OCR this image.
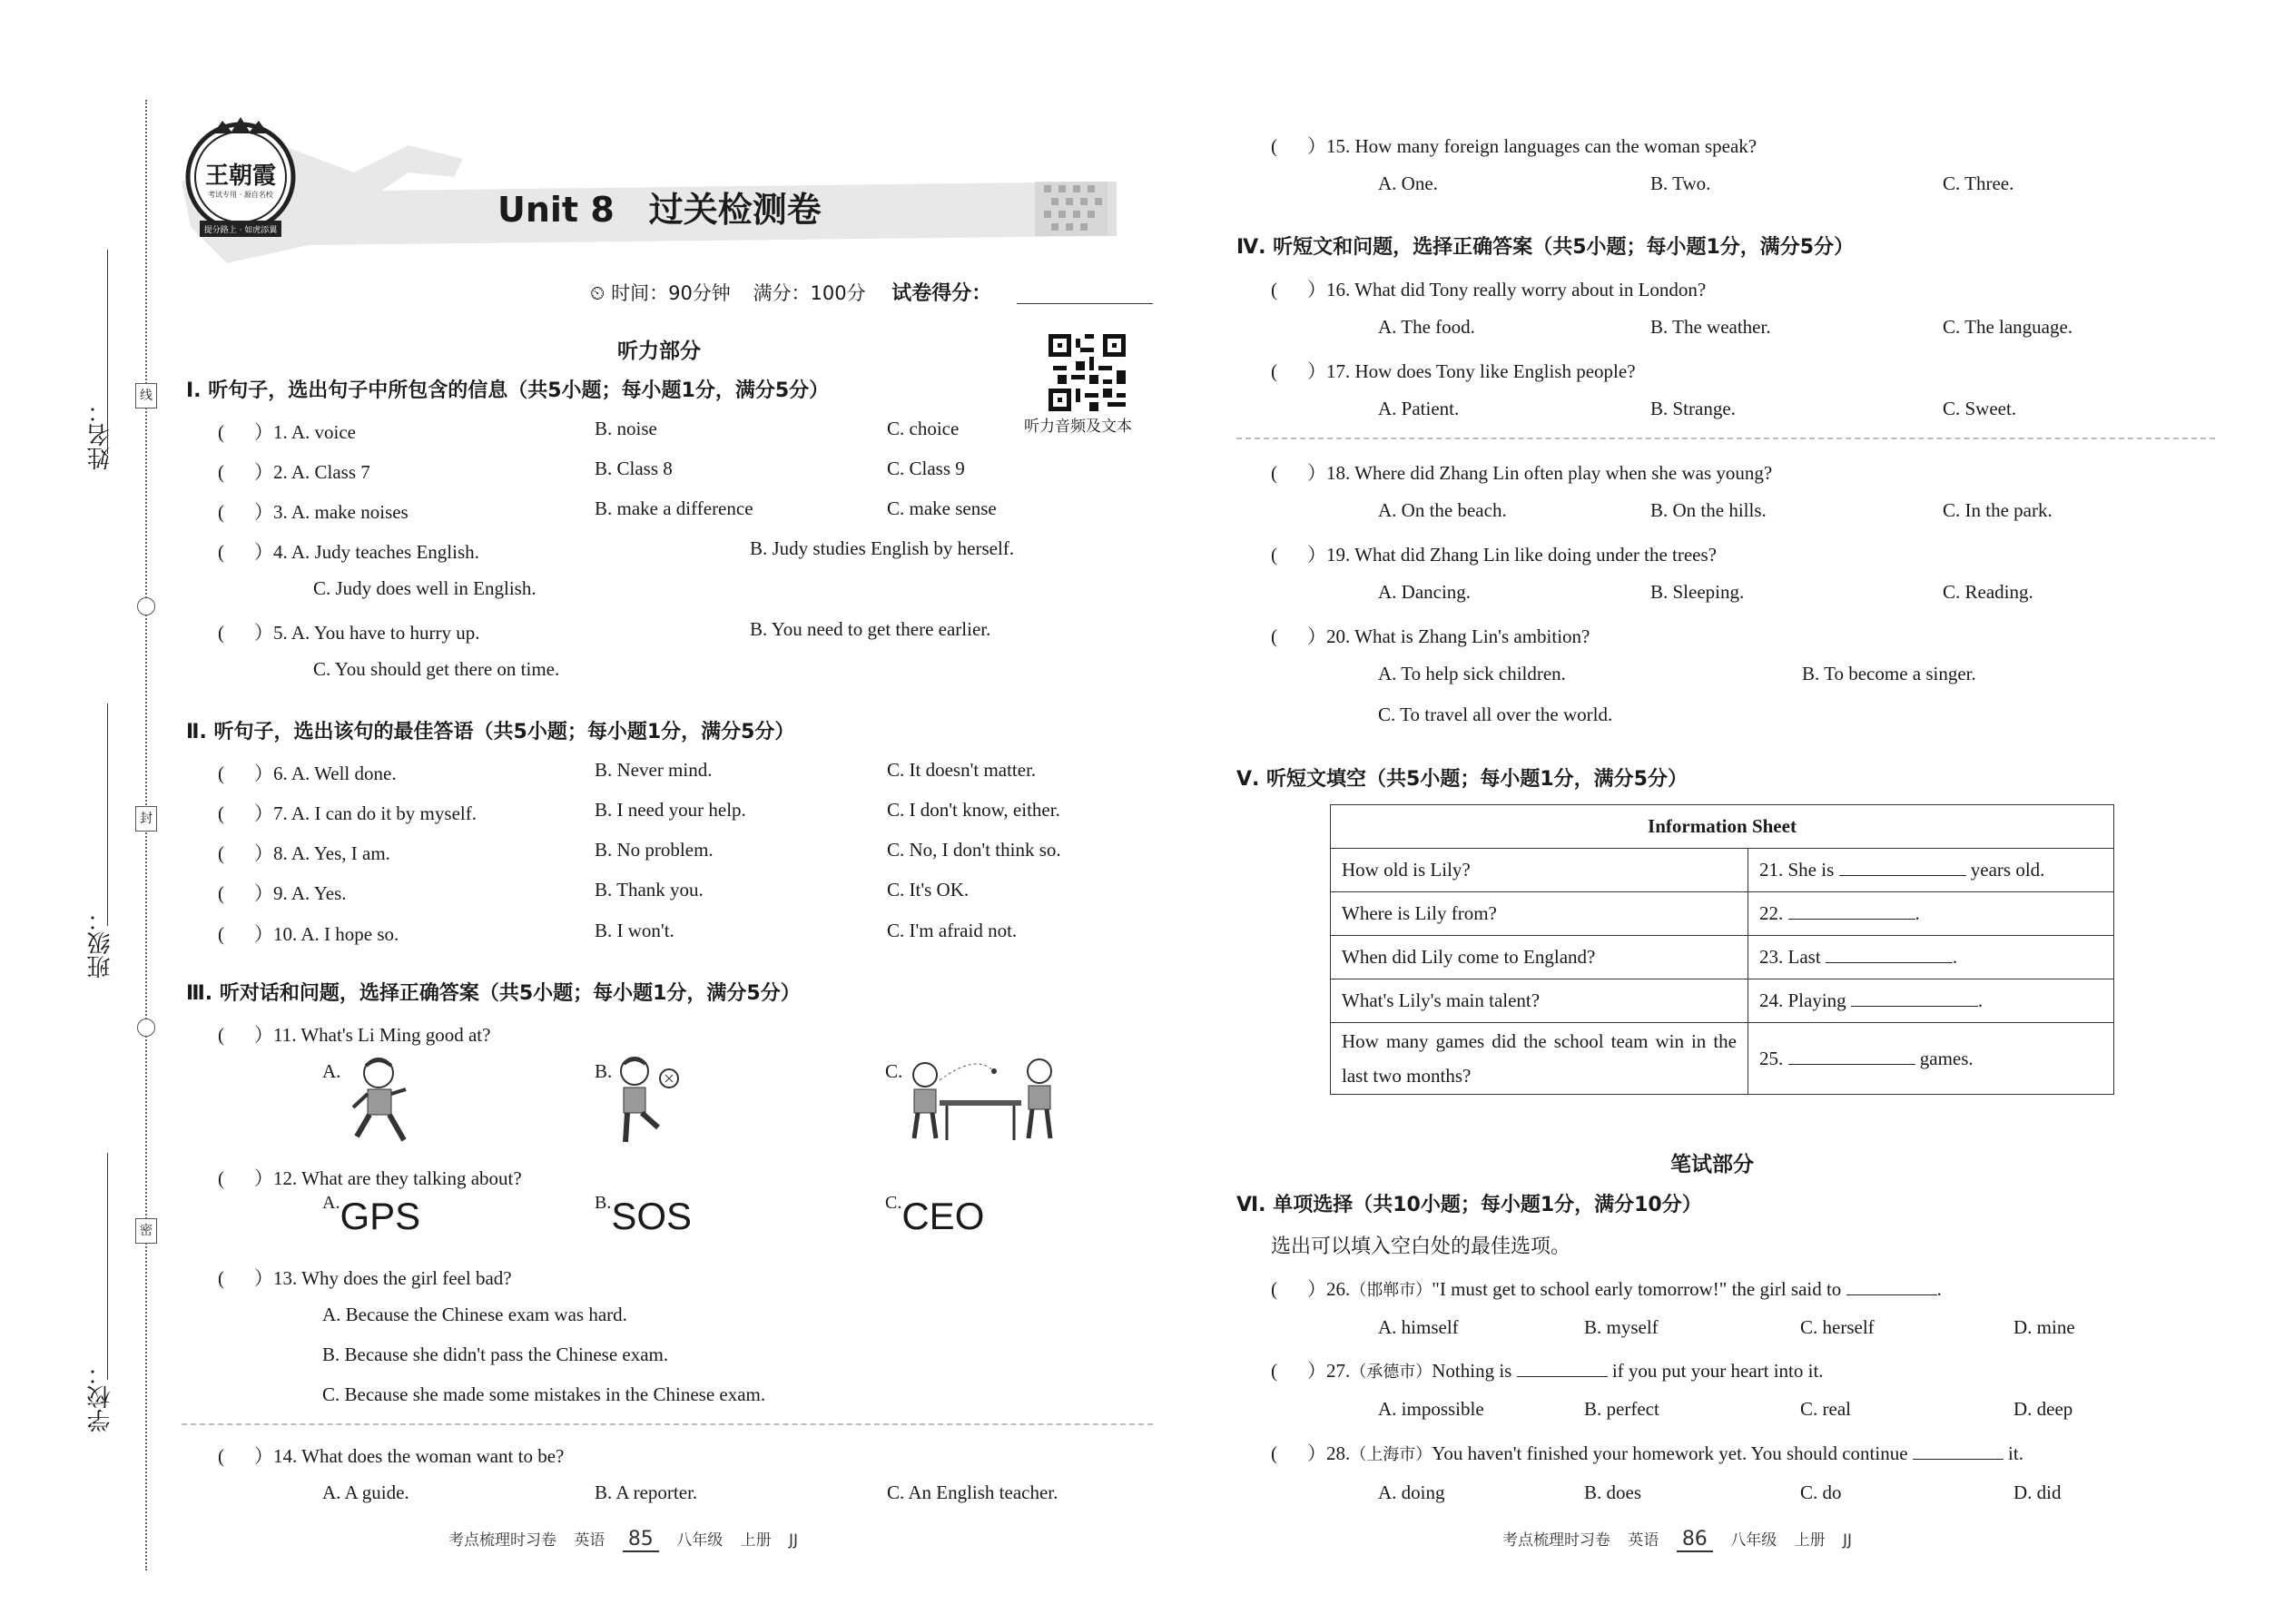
姓名：
班级：
学校：
线
封
密
王朝霞
考试专用 · 源自名校
提分路上 · 如虎添翼
Unit 8　过关检测卷
⏲ 时间：90分钟 满分：100分 试卷得分：
听力音频及文本
听力部分
Ⅰ. 听句子，选出句子中所包含的信息（共5小题；每小题1分，满分5分）
( ）1. A. voice	B. noise	C. choice
( ）2. A. Class 7	B. Class 8	C. Class 9
( ）3. A. make noises	B. make a difference	C. make sense
( ）4. A. Judy teaches English.	B. Judy studies English by herself.
C. Judy does well in English.
( ）5. A. You have to hurry up.	B. You need to get there earlier.
C. You should get there on time.
Ⅱ. 听句子，选出该句的最佳答语（共5小题；每小题1分，满分5分）
( ）6. A. Well done.	B. Never mind.	C. It doesn't matter.
( ）7. A. I can do it by myself.	B. I need your help.	C. I don't know, either.
( ）8. A. Yes, I am.	B. No problem.	C. No, I don't think so.
( ）9. A. Yes.	B. Thank you.	C. It's OK.
( ）10. A. I hope so.	B. I won't.	C. I'm afraid not.
Ⅲ. 听对话和问题，选择正确答案（共5小题；每小题1分，满分5分）
( ）11. What's Li Ming good at?
A.	B.	C.
( ）12. What are they talking about?
A.GPS	B.SOS	C.CEO
( ）13. Why does the girl feel bad?
A. Because the Chinese exam was hard.
B. Because she didn't pass the Chinese exam.
C. Because she made some mistakes in the Chinese exam.
( ）14. What does the woman want to be?
A. A guide.	B. A reporter.	C. An English teacher.
考点梳理时习卷 英语 85 八年级 上册 JJ
( ）15. How many foreign languages can the woman speak?
A. One.	B. Two.	C. Three.
Ⅳ. 听短文和问题，选择正确答案（共5小题；每小题1分，满分5分）
( ）16. What did Tony really worry about in London?
A. The food.	B. The weather.	C. The language.
( ）17. How does Tony like English people?
A. Patient.	B. Strange.	C. Sweet.
( ）18. Where did Zhang Lin often play when she was young?
A. On the beach.	B. On the hills.	C. In the park.
( ）19. What did Zhang Lin like doing under the trees?
A. Dancing.	B. Sleeping.	C. Reading.
( ）20. What is Zhang Lin's ambition?
A. To help sick children.	B. To become a singer.
C. To travel all over the world.
Ⅴ. 听短文填空（共5小题；每小题1分，满分5分）
Information Sheet	
How old is Lily?	21. She is years old.
Where is Lily from?	22. .
When did Lily come to England?	23. Last .
What's Lily's main talent?	24. Playing .
How many games did the school team win in the last two months?	25. games.
笔试部分
Ⅵ. 单项选择（共10小题；每小题1分，满分10分）
选出可以填入空白处的最佳选项。
( ）26.（邯郸市）"I must get to school early tomorrow!" the girl said to	.
A. himself	B. myself	C. herself	D. mine
( ）27.（承德市）Nothing is	if you put your heart into it.
A. impossible	B. perfect	C. real	D. deep
( ）28.（上海市）You haven't finished your homework yet. You should continue	it.
A. doing	B. does	C. do	D. did
考点梳理时习卷 英语 86 八年级 上册 JJ
